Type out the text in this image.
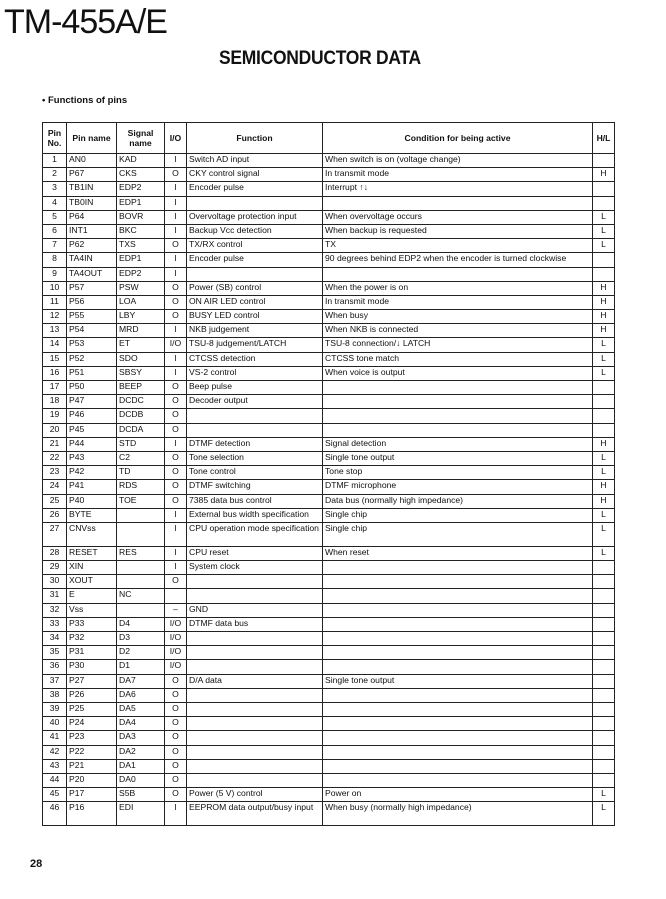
TM-455A/E
SEMICONDUCTOR DATA
• Functions of pins
Pin No.	Pin name	Signal name	I/O	Function	Condition for being active	H/L
1	AN0	KAD	I	Switch AD input	When switch is on (voltage change)	
2	P67	CKS	O	CKY control signal	In transmit mode	H
3	TB1IN	EDP2	I	Encoder pulse	Interrupt ↑↓	
4	TB0IN	EDP1	I			
5	P64	BOVR	I	Overvoltage protection input	When overvoltage occurs	L
6	INT1	BKC	I	Backup Vcc detection	When backup is requested	L
7	P62	TXS	O	TX/RX control	TX	L
8	TA4IN	EDP1	I	Encoder pulse	90 degrees behind EDP2 when the encoder is turned clockwise	
9	TA4OUT	EDP2	I			
10	P57	PSW	O	Power (SB) control	When the power is on	H
11	P56	LOA	O	ON AIR LED control	In transmit mode	H
12	P55	LBY	O	BUSY LED control	When busy	H
13	P54	MRD	I	NKB judgement	When NKB is connected	H
14	P53	ET	I/O	TSU-8 judgement/LATCH	TSU-8 connection/↓ LATCH	L
15	P52	SDO	I	CTCSS detection	CTCSS tone match	L
16	P51	SBSY	I	VS-2 control	When voice is output	L
17	P50	BEEP	O	Beep pulse		
18	P47	DCDC	O	Decoder output		
19	P46	DCDB	O			
20	P45	DCDA	O			
21	P44	STD	I	DTMF detection	Signal detection	H
22	P43	C2	O	Tone selection	Single tone output	L
23	P42	TD	O	Tone control	Tone stop	L
24	P41	RDS	O	DTMF switching	DTMF microphone	H
25	P40	TOE	O	7385 data bus control	Data bus (normally high impedance)	H
26	BYTE		I	External bus width specification	Single chip	L
27	CNVss		I	CPU operation mode specification	Single chip	L
28	RESET	RES	I	CPU reset	When reset	L
29	XIN		I	System clock		
30	XOUT		O			
31	E	NC				
32	Vss		–	GND		
33	P33	D4	I/O	DTMF data bus		
34	P32	D3	I/O			
35	P31	D2	I/O			
36	P30	D1	I/O			
37	P27	DA7	O	D/A data	Single tone output	
38	P26	DA6	O			
39	P25	DA5	O			
40	P24	DA4	O			
41	P23	DA3	O			
42	P22	DA2	O			
43	P21	DA1	O			
44	P20	DA0	O			
45	P17	S5B	O	Power (5 V) control	Power on	L
46	P16	EDI	I	EEPROM data output/busy input	When busy (normally high impedance)	L
28
